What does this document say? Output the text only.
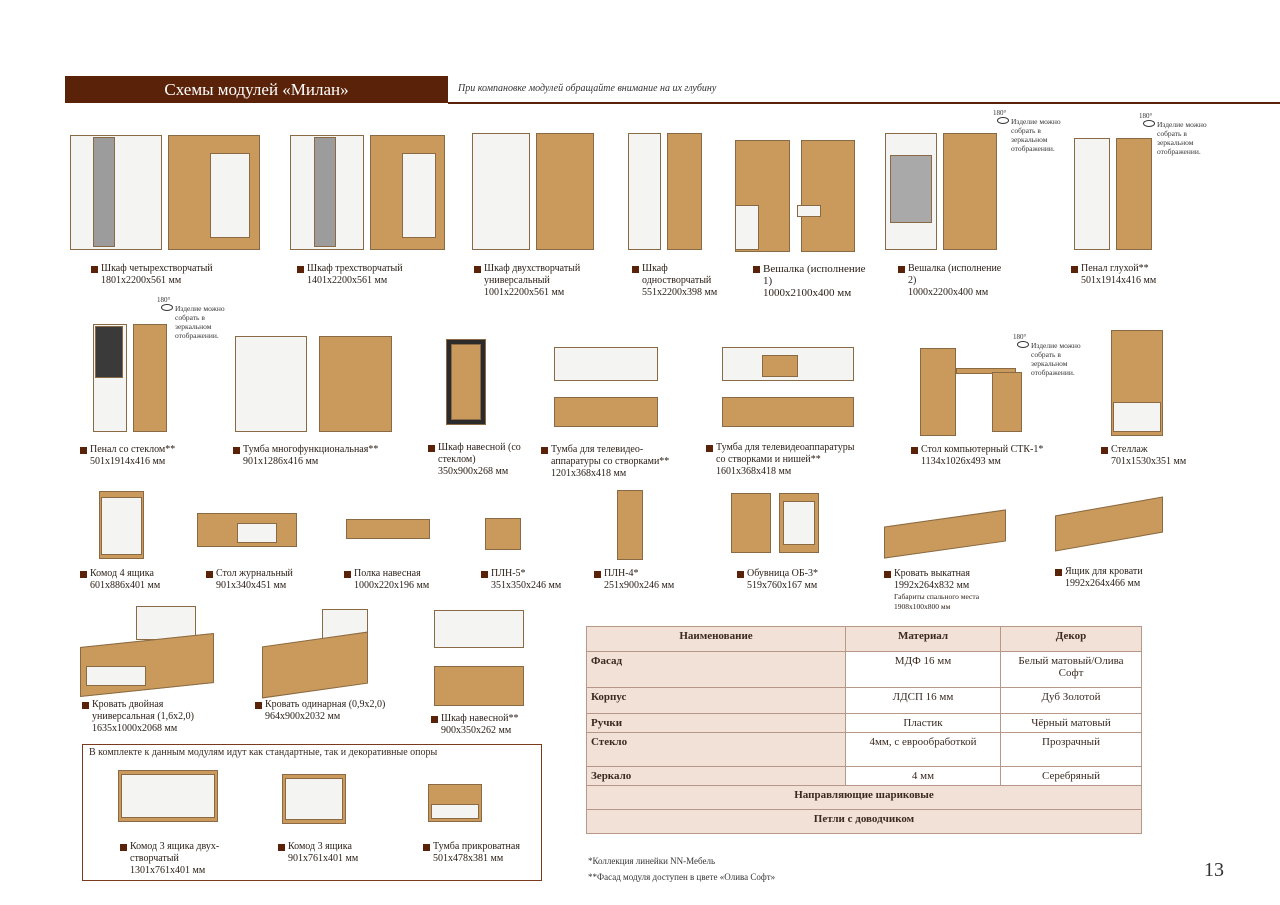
Схемы модулей «Милан»	При компановке модулей обращайте внимание на их глубину
180°
Изделие можно собрать в зеркальном отображении.
180°
Изделие можно собрать в зеркальном отображении.
180°
Изделие можно собрать в зеркальном отображении.	180°
Изделие можно собрать в зеркальном отображении.
Шкаф четырехстворчатый
1801x2200x561 мм
Шкаф трехстворчатый
1401x2200x561 мм
Шкаф двухстворчатый универсальный
1001x2200x561 мм
Шкаф одностворчатый
551x2200x398 мм
Вешалка (исполнение 1)
1000x2100x400 мм
Вешалка (исполнение 2)
1000x2200x400 мм
Пенал глухой**
501x1914x416 мм
Пенал со стеклом**
501x1914x416 мм
Тумба многофункциональная**
901x1286x416 мм
Шкаф навесной (со стеклом)
350x900x268 мм
Тумба для телевидео-аппаратуры со створками**
1201x368x418 мм
Тумба для телевидеоаппаратуры со створками и нишей**
1601x368x418 мм
Стол компьютерный СТК-1*
1134x1026x493 мм
Стеллаж
701x1530x351 мм
Комод 4 ящика
601x886x401 мм
Стол журнальный
901x340x451 мм
Полка навесная
1000x220x196 мм
ПЛН-5*
351x350x246 мм
ПЛН-4*
251x900x246 мм
Обувница ОБ-3*
519x760x167 мм
Кровать выкатная
1992x264x832 мм
Габариты спального места 1908x100x800 мм
Ящик для кровати
1992x264x466 мм
Кровать двойная универсальная (1,6х2,0)
1635x1000x2068 мм
Кровать одинарная (0,9х2,0)
964x900x2032 мм	Шкаф навесной**
900x350x262 мм
В комплекте к данным модулям идут как стандартные, так и декоративные опоры
Комод 3 ящика двух-створчатый
1301x761x401 мм
Комод 3 ящика
901x761x401 мм
Тумба прикроватная
501x478x381 мм
Наименование	Материал	Декор
Фасад	МДФ 16 мм	Белый матовый/Олива Софт
Корпус	ЛДСП 16 мм	Дуб Золотой
Ручки	Пластик	Чёрный матовый
Стекло	4мм, с еврообработкой	Прозрачный
Зеркало	4 мм	Серебряный
Направляющие шариковые		
Петли с доводчиком		
*Коллекция линейки NN-Мебель
**Фасад модуля доступен в цвете «Олива Софт»	13
